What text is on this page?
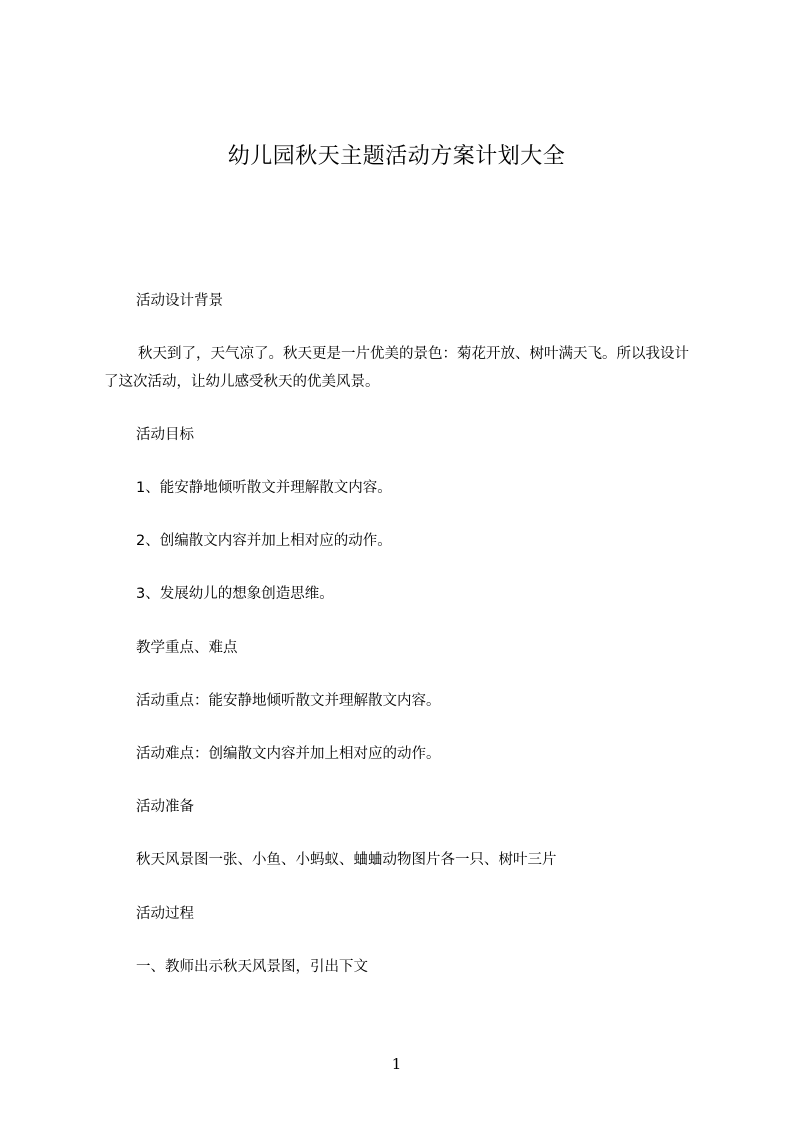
幼儿园秋天主题活动方案计划大全

活动设计背景

秋天到了，天气凉了。秋天更是一片优美的景色：菊花开放、树叶满天飞。所以我设计了这次活动，让幼儿感受秋天的优美风景。

活动目标

1、能安静地倾听散文并理解散文内容。

2、创编散文内容并加上相对应的动作。

3、发展幼儿的想象创造思维。

教学重点、难点

活动重点：能安静地倾听散文并理解散文内容。

活动难点：创编散文内容并加上相对应的动作。

活动准备

秋天风景图一张、小鱼、小蚂蚁、蛐蛐动物图片各一只、树叶三片

活动过程

一、教师出示秋天风景图，引出下文

1
